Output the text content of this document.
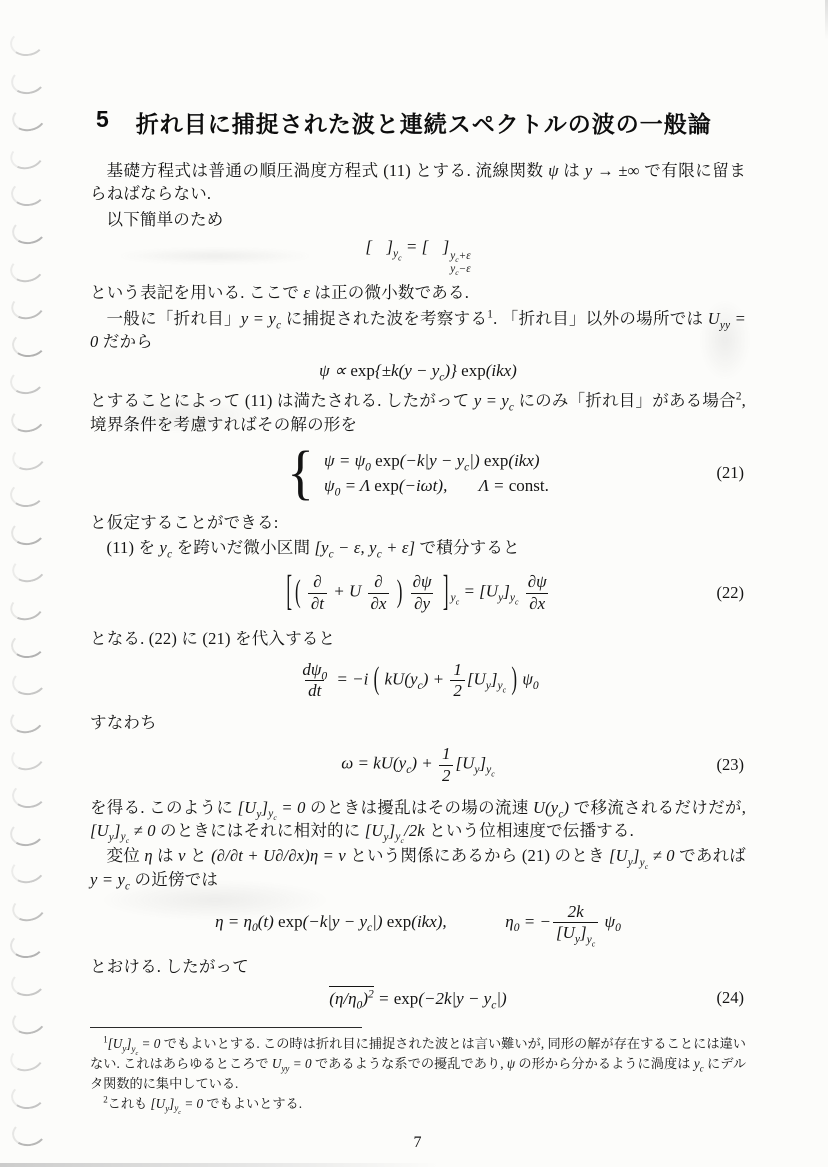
5 折れ目に捕捉された波と連続スペクトルの波の一般論

基礎方程式は普通の順圧渦度方程式 (11) とする. 流線関数 ψ は y → ±∞ で有限に留まらねばならない.

以下簡単のため

[ ]$_{y_c}$ = [ ] $y_c+\varepsilon$
$y_c-\varepsilon$

という表記を用いる. ここで ε は正の微小数である.

一般に「折れ目」$y = y_c$ に捕捉された波を考察する$^1$. 「折れ目」以外の場所では $U_{yy} = 0$ だから

$\psi \propto \exp\{\pm k(y - y_c)\}$ exp(ikx)

とすることによって (11) は満たされる. したがって $y = y_c$ にのみ「折れ目」がある場合$^2$, 境界条件を考慮すればその解の形を

{ $\psi = \psi_0$ $\exp(-k|y - y_c|)$ exp(ikx)
$\psi_0 = \Lambda$ exp(−iωt), Λ = const.
(21)

と仮定することができる:

(11) を $y_c$ を跨いだ微小区間 [$y_c - \varepsilon$, $y_c + \varepsilon$] で積分すると

[ ( $\frac{\partial}{\partial t} + U \frac{\partial}{\partial x}$ ) $\frac{\partial\psi}{\partial y}$ ] $_{y_c} = [U_y]_{y_c} \frac{\partial\psi}{\partial x}$	(22)

となる. (22) に (21) を代入すると

$\frac{d\psi_0}{dt} = -i$ ( $kU(y_c) + \frac{1}{2} [U_y]_{y_c}$ ) $\psi_0$

すなわち

$\omega = kU(y_c) + \frac{1}{2} [U_y]_{y_c}$
(23)

を得る. このように $[U_y]_{y_c} = 0$ のときは擾乱はその場の流速 $U(y_c)$ で移流されるだけだが, $[U_y]_{y_c} \ne 0$ のときにはそれに相対的に $[U_y]_{y_c}/2k$ という位相速度で伝播する.

変位 η は v と (∂/∂t + U∂/∂x)η = v という関係にあるから (21) のとき $[U_y]_{y_c} \ne 0$ であれば $y = y_c$ の近傍では

$\eta = \eta_0(t) \exp(-k|y - y_c|)$ exp(ikx),	$\eta_0$ = − $\frac{2k}{[U_y]_{y_c}} \psi_0$

とおける. したがって

$(\eta/\eta_0)^2 = \exp(-2k|y - y_c|)$	(24)

$^1[U_y]_{y_c} = 0$ でもよいとする. この時は折れ目に捕捉された波とは言い難いが, 同形の解が存在することには違いない. これはあらゆるところで $U_{yy} = 0$ であるような系での擾乱であり, ψ の形から分かるように渦度は $y_c$ にデルタ関数的に集中している.

$^2$これも $[U_y]_{y_c} = 0$ でもよいとする.

7
